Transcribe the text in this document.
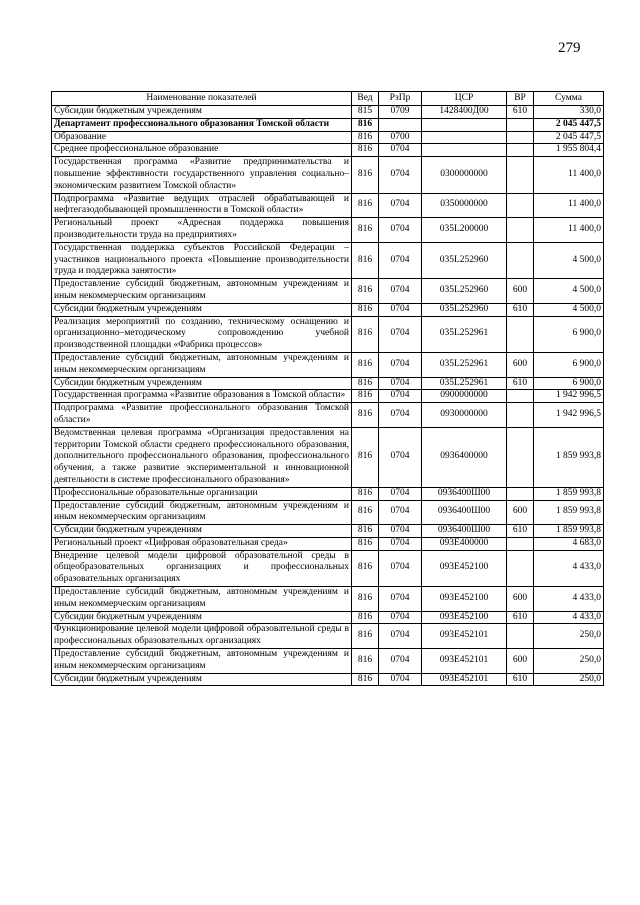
279
Наименование показателей	Вед	РзПр	ЦСР	ВР	Сумма
Субсидии бюджетным учреждениям	815	0709	1428400Д00	610	330,0
Департамент профессионального образования Томской области	816				2 045 447,5
Образование	816	0700			2 045 447,5
Среднее профессиональное образование	816	0704			1 955 804,4
Государственная программа «Развитие предпринимательства и повышение эффективности государственного управления социально–экономическим развитием Томской области»	816	0704	0300000000		11 400,0
Подпрограмма «Развитие ведущих отраслей обрабатывающей и нефтегазодобывающей промышленности в Томской области»	816	0704	0350000000		11 400,0
Региональный проект «Адресная поддержка повышения производительности труда на предприятиях»	816	0704	035L200000		11 400,0
Государственная поддержка субъектов Российской Федерации – участников национального проекта «Повышение производительности труда и поддержка занятости»	816	0704	035L252960		4 500,0
Предоставление субсидий бюджетным, автономным учреждениям и иным некоммерческим организациям	816	0704	035L252960	600	4 500,0
Субсидии бюджетным учреждениям	816	0704	035L252960	610	4 500,0
Реализация мероприятий по созданию, техническому оснащению и организационно–методическому сопровождению учебной производственной площадки «Фабрика процессов»	816	0704	035L252961		6 900,0
Предоставление субсидий бюджетным, автономным учреждениям и иным некоммерческим организациям	816	0704	035L252961	600	6 900,0
Субсидии бюджетным учреждениям	816	0704	035L252961	610	6 900,0
Государственная программа «Развитие образования в Томской области»	816	0704	0900000000		1 942 996,5
Подпрограмма «Развитие профессионального образования Томской области»	816	0704	0930000000		1 942 996,5
Ведомственная целевая программа «Организация предоставления на территории Томской области среднего профессионального образования, дополнительного профессионального образования, профессионального обучения, а также развитие экспериментальной и инновационной деятельности в системе профессионального образования»	816	0704	0936400000		1 859 993,8
Профессиональные образовательные организации	816	0704	0936400Ш00		1 859 993,8
Предоставление субсидий бюджетным, автономным учреждениям и иным некоммерческим организациям	816	0704	0936400Ш00	600	1 859 993,8
Субсидии бюджетным учреждениям	816	0704	0936400Ш00	610	1 859 993,8
Региональный проект «Цифровая образовательная среда»	816	0704	093E400000		4 683,0
Внедрение целевой модели цифровой образовательной среды в общеобразовательных организациях и профессиональных образовательных организациях	816	0704	093E452100		4 433,0
Предоставление субсидий бюджетным, автономным учреждениям и иным некоммерческим организациям	816	0704	093E452100	600	4 433,0
Субсидии бюджетным учреждениям	816	0704	093E452100	610	4 433,0
Функционирование целевой модели цифровой образовательной среды в профессиональных образовательных организациях	816	0704	093E452101		250,0
Предоставление субсидий бюджетным, автономным учреждениям и иным некоммерческим организациям	816	0704	093E452101	600	250,0
Субсидии бюджетным учреждениям	816	0704	093E452101	610	250,0
